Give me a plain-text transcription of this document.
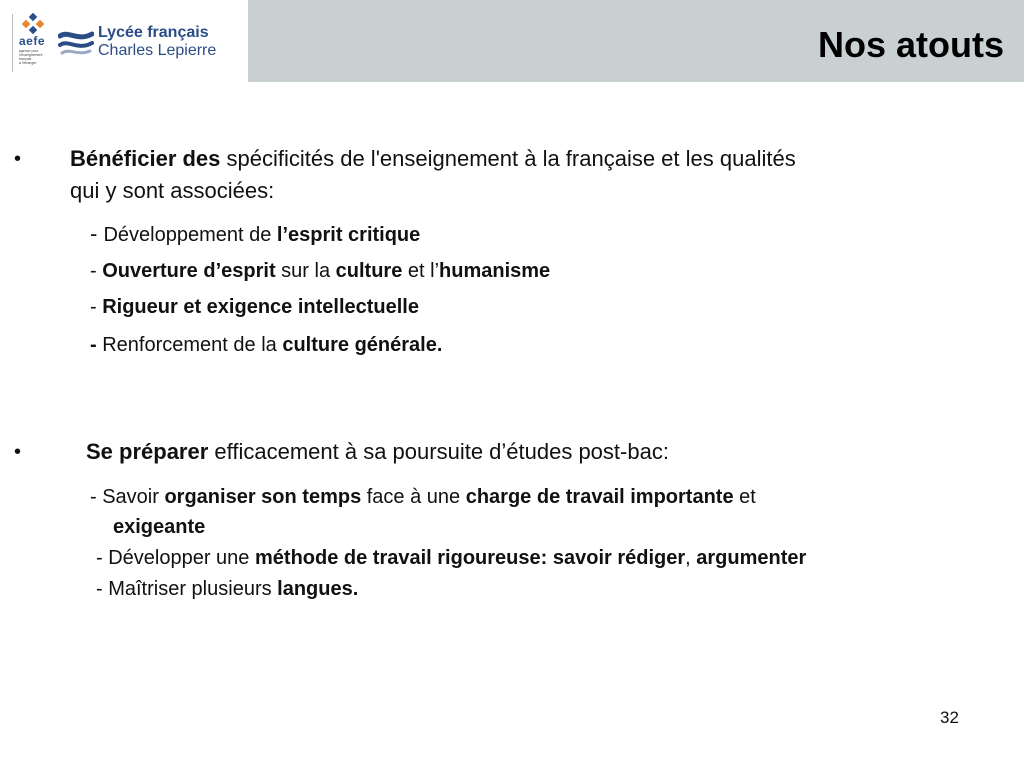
Nos atouts
aefe
agence pour
l'enseignement
français
à l'étranger
Lycée français
Charles Lepierre
• Bénéficier des spécificités de l'enseignement à la française et les qualités
qui y sont associées:
- Développement de l’esprit critique
- Ouverture d’esprit sur la culture et l’humanisme
- Rigueur et exigence intellectuelle
- Renforcement de la culture générale.
•	Se préparer efficacement à sa poursuite d’études post-bac:
- Savoir organiser son temps face à une charge de travail importante et
exigeante
- Développer une méthode de travail rigoureuse: savoir rédiger, argumenter
- Maîtriser plusieurs langues.
32
